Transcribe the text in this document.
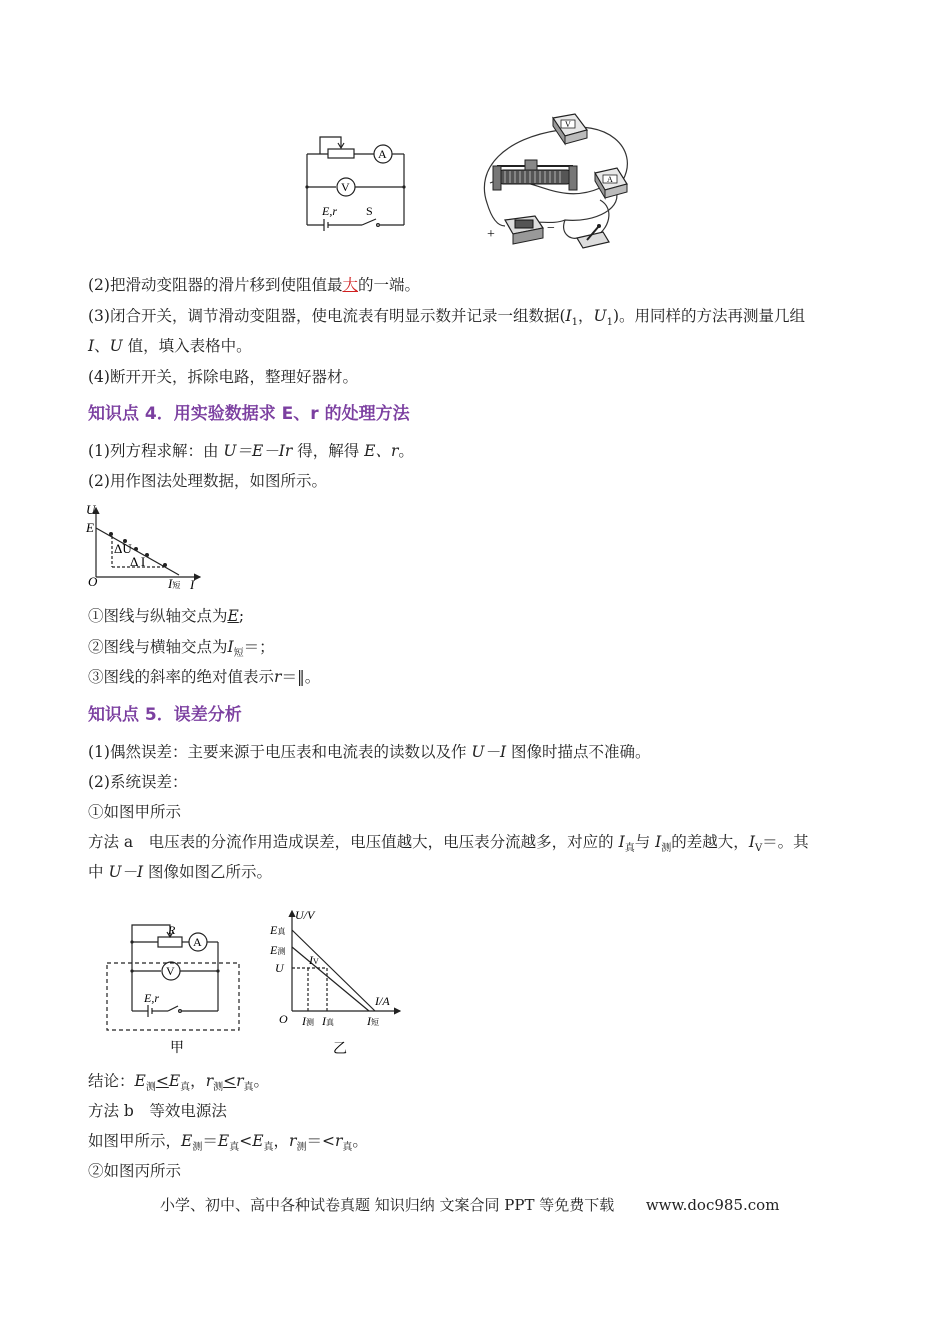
A
V
E,r S
V
A
+	−
(2)把滑动变阻器的滑片移到使阻值最大的一端。
(3)闭合开关，调节滑动变阻器，使电流表有明显示数并记录一组数据($I_1$，$U_1$)。用同样的方法再测量几组
I、U 值，填入表格中。
(4)断开开关，拆除电路，整理好器材。
知识点 4．用实验数据求 E、r 的处理方法
(1)列方程求解：由 U＝E－Ir 得，解得 E、r。
(2)用作图法处理数据，如图所示。
U
E
ΔU
Δ I
O	I短 I
①图线与纵轴交点为E;
②图线与横轴交点为$I_短=$；
③图线的斜率的绝对值表示r＝‖。
知识点 5．误差分析
(1)偶然误差：主要来源于电压表和电流表的读数以及作 U－I 图像时描点不准确。
(2)系统误差：
①如图甲所示
方法 a　电压表的分流作用造成误差，电压值越大，电压表分流越多，对应的 $I_真$与 $I_测$的差越大，$I_V=$。其
中 U－I 图像如图乙所示。
R
A
V
E,r
甲
U/V
E真
E测
U
IV
I/A
O I测 I真	I短
乙
结论：$E_测<E_真$，$r_测<r_真$。
方法 b　等效电源法
如图甲所示，$E_测=E_真<E_真$，$r_测=<r_真$。
②如图丙所示
小学、初中、高中各种试卷真题 知识归纳 文案合同 PPT 等免费下载 www.doc985.com
